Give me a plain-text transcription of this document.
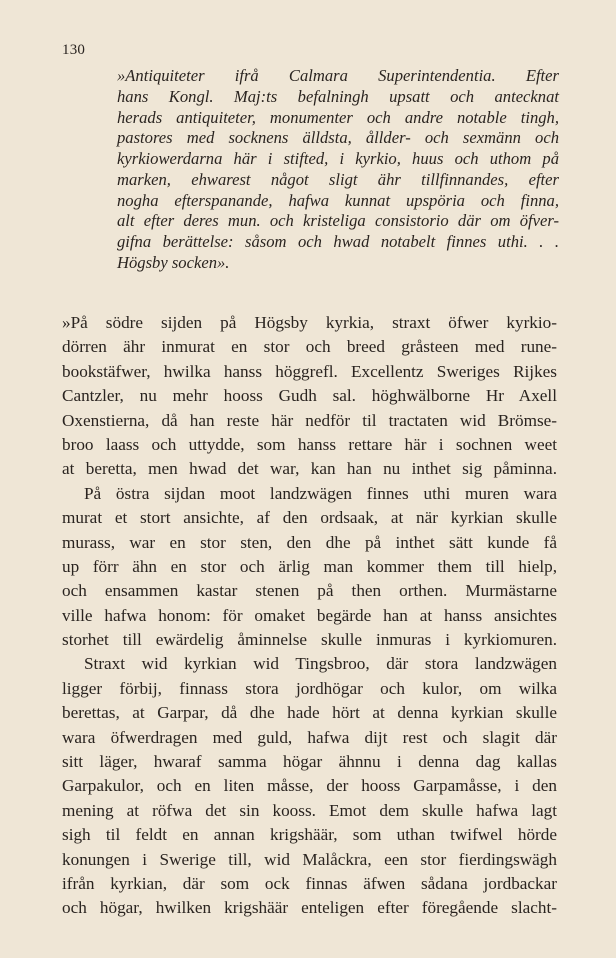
130
»Antiquiteter ifrå Calmara Superintendentia. Efter
hans Kongl. Maj:ts befalningh upsatt och antecknat
herads antiquiteter, monumenter och andre notable tingh,
pastores med socknens älldsta, ållder- och sexmänn och
kyrkiowerdarna här i stifted, i kyrkio, huus och uthom på
marken, ehwarest något sligt ähr tillfinnandes, efter
nogha efterspanande, hafwa kunnat upspöria och finna,
alt efter deres mun. och kristeliga consistorio där om öfver-
gifna berättelse: såsom och hwad notabelt finnes uthi. . .
Högsby socken».
»På södre sijden på Högsby kyrkia, straxt öfwer kyrkio-
dörren ähr inmurat en stor och breed gråsteen med rune-
bookstäfwer, hwilka hanss höggrefl. Excellentz Sweriges Rijkes
Cantzler, nu mehr hooss Gudh sal. höghwälborne Hr Axell
Oxenstierna, då han reste här nedför til tractaten wid Brömse-
broo laass och uttydde, som hanss rettare här i sochnen weet
at beretta, men hwad det war, kan han nu inthet sig påminna.
På östra sijdan moot landzwägen finnes uthi muren wara
murat et stort ansichte, af den ordsaak, at när kyrkian skulle
murass, war en stor sten, den dhe på inthet sätt kunde få
up förr ähn en stor och ärlig man kommer them till hielp,
och ensammen kastar stenen på then orthen. Murmästarne
ville hafwa honom: för omaket begärde han at hanss ansichtes
storhet till ewärdelig åminnelse skulle inmuras i kyrkiomuren.
Straxt wid kyrkian wid Tingsbroo, där stora landzwägen
ligger förbij, finnass stora jordhögar och kulor, om wilka
berettas, at Garpar, då dhe hade hört at denna kyrkian skulle
wara öfwerdragen med guld, hafwa dijt rest och slagit där
sitt läger, hwaraf samma högar ähnnu i denna dag kallas
Garpakulor, och en liten måsse, der hooss Garpamåsse, i den
mening at röfwa det sin kooss. Emot dem skulle hafwa lagt
sigh til feldt en annan krigshäär, som uthan twifwel hörde
konungen i Swerige till, wid Malåckra, een stor fierdingswägh
ifrån kyrkian, där som ock finnas äfwen sådana jordbackar
och högar, hwilken krigshäär enteligen efter föregående slacht-
